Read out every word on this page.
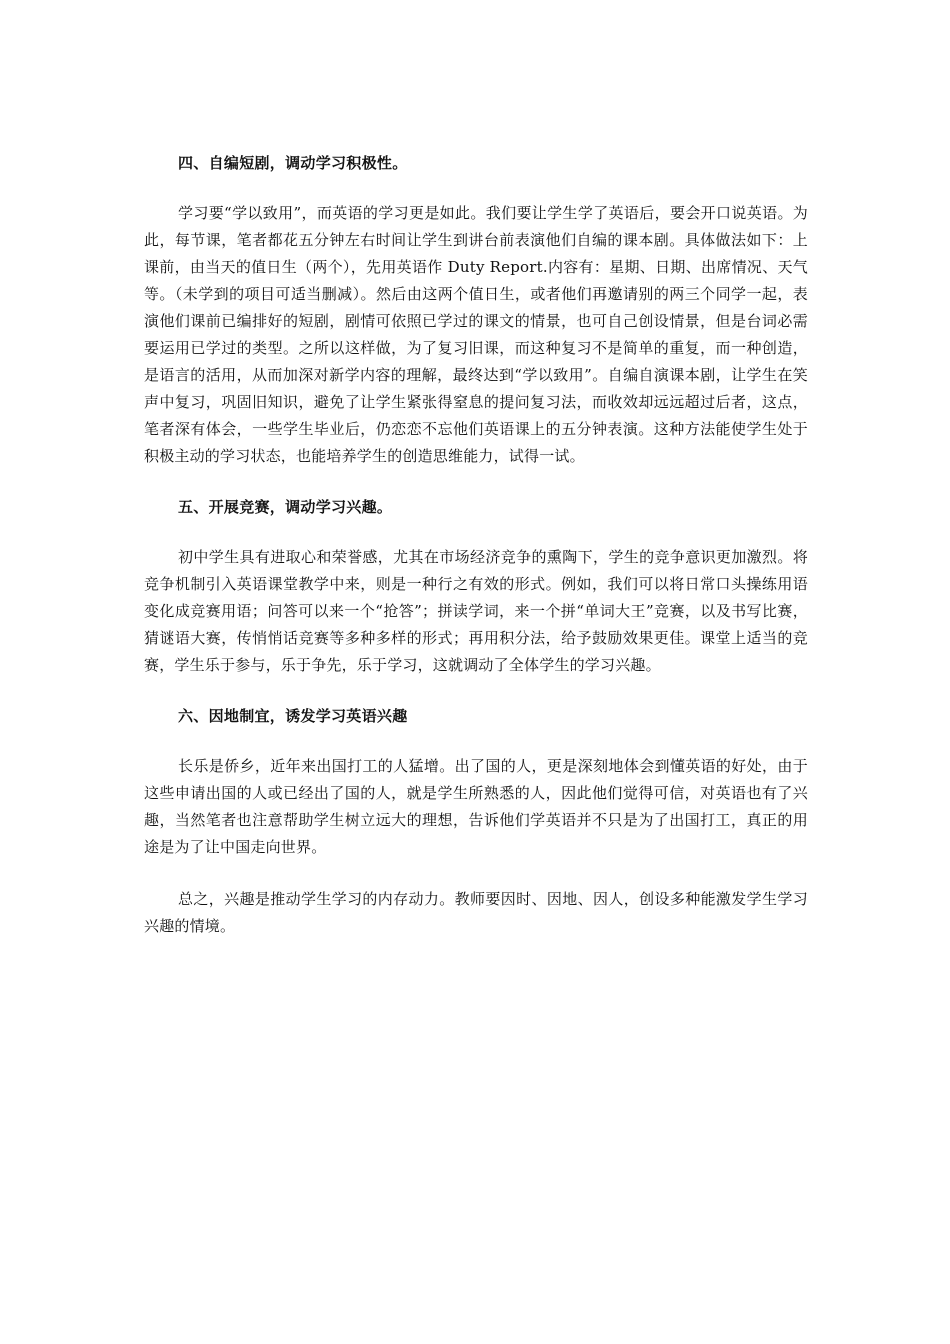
四、自编短剧，调动学习积极性。

学习要“学以致用”，而英语的学习更是如此。我们要让学生学了英语后，要会开口说英语。为此，每节课，笔者都花五分钟左右时间让学生到讲台前表演他们自编的课本剧。具体做法如下：上课前，由当天的值日生（两个），先用英语作 Duty Report.内容有：星期、日期、出席情况、天气等。（未学到的项目可适当删减）。然后由这两个值日生，或者他们再邀请别的两三个同学一起，表演他们课前已编排好的短剧，剧情可依照已学过的课文的情景，也可自己创设情景，但是台词必需要运用已学过的类型。之所以这样做，为了复习旧课，而这种复习不是简单的重复，而一种创造，是语言的活用，从而加深对新学内容的理解，最终达到“学以致用”。自编自演课本剧，让学生在笑声中复习，巩固旧知识，避免了让学生紧张得窒息的提问复习法，而收效却远远超过后者，这点，笔者深有体会，一些学生毕业后，仍恋恋不忘他们英语课上的五分钟表演。这种方法能使学生处于积极主动的学习状态，也能培养学生的创造思维能力，试得一试。

五、开展竞赛，调动学习兴趣。

初中学生具有进取心和荣誉感，尤其在市场经济竞争的熏陶下，学生的竞争意识更加激烈。将竞争机制引入英语课堂教学中来，则是一种行之有效的形式。例如，我们可以将日常口头操练用语变化成竞赛用语；问答可以来一个“抢答”；拼读学词，来一个拼“单词大王”竞赛，以及书写比赛，猜谜语大赛，传悄悄话竞赛等多种多样的形式；再用积分法，给予鼓励效果更佳。课堂上适当的竞赛，学生乐于参与，乐于争先，乐于学习，这就调动了全体学生的学习兴趣。

六、因地制宜，诱发学习英语兴趣

长乐是侨乡，近年来出国打工的人猛增。出了国的人，更是深刻地体会到懂英语的好处，由于这些申请出国的人或已经出了国的人，就是学生所熟悉的人，因此他们觉得可信，对英语也有了兴趣，当然笔者也注意帮助学生树立远大的理想，告诉他们学英语并不只是为了出国打工，真正的用途是为了让中国走向世界。

总之，兴趣是推动学生学习的内存动力。教师要因时、因地、因人，创设多种能激发学生学习兴趣的情境。
